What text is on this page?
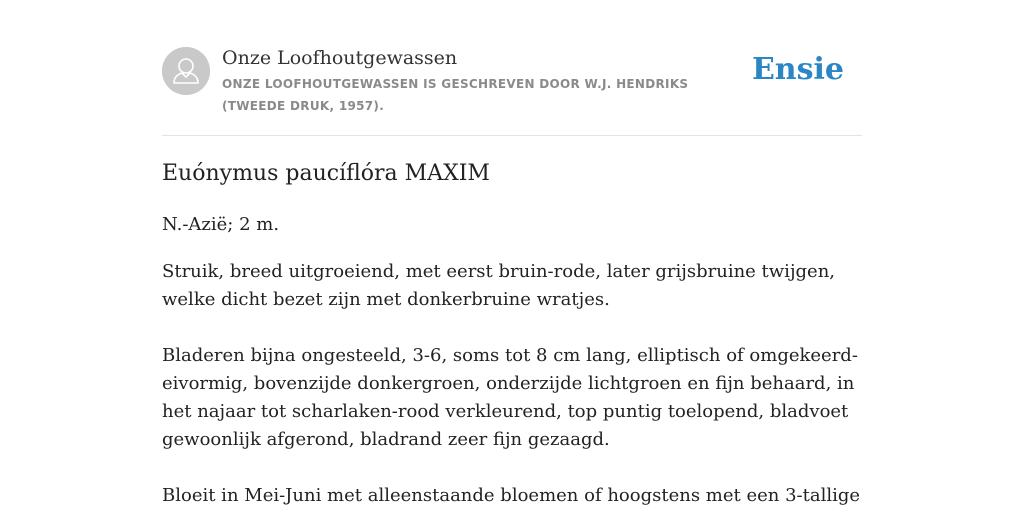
Onze Loofhoutgewassen
ONZE LOOFHOUTGEWASSEN IS GESCHREVEN DOOR W.J. HENDRIKS (TWEEDE DRUK, 1957).
Ensie
Euónymus paucíflóra MAXIM

N.-Azië; 2 m.

Struik, breed uitgroeiend, met eerst bruin-rode, later grijsbruine twijgen, welke dicht bezet zijn met donkerbruine wratjes.

Bladeren bijna ongesteeld, 3-6, soms tot 8 cm lang, elliptisch of omgekeerd-eivormig, bovenzijde donkergroen, onderzijde lichtgroen en fijn behaard, in het najaar tot scharlaken-rood verkleurend, top puntig toelopend, bladvoet gewoonlijk afgerond, bladrand zeer fijn gezaagd.

Bloeit in Mei-Juni met alleenstaande bloemen of hoogstens met een 3-tallige
